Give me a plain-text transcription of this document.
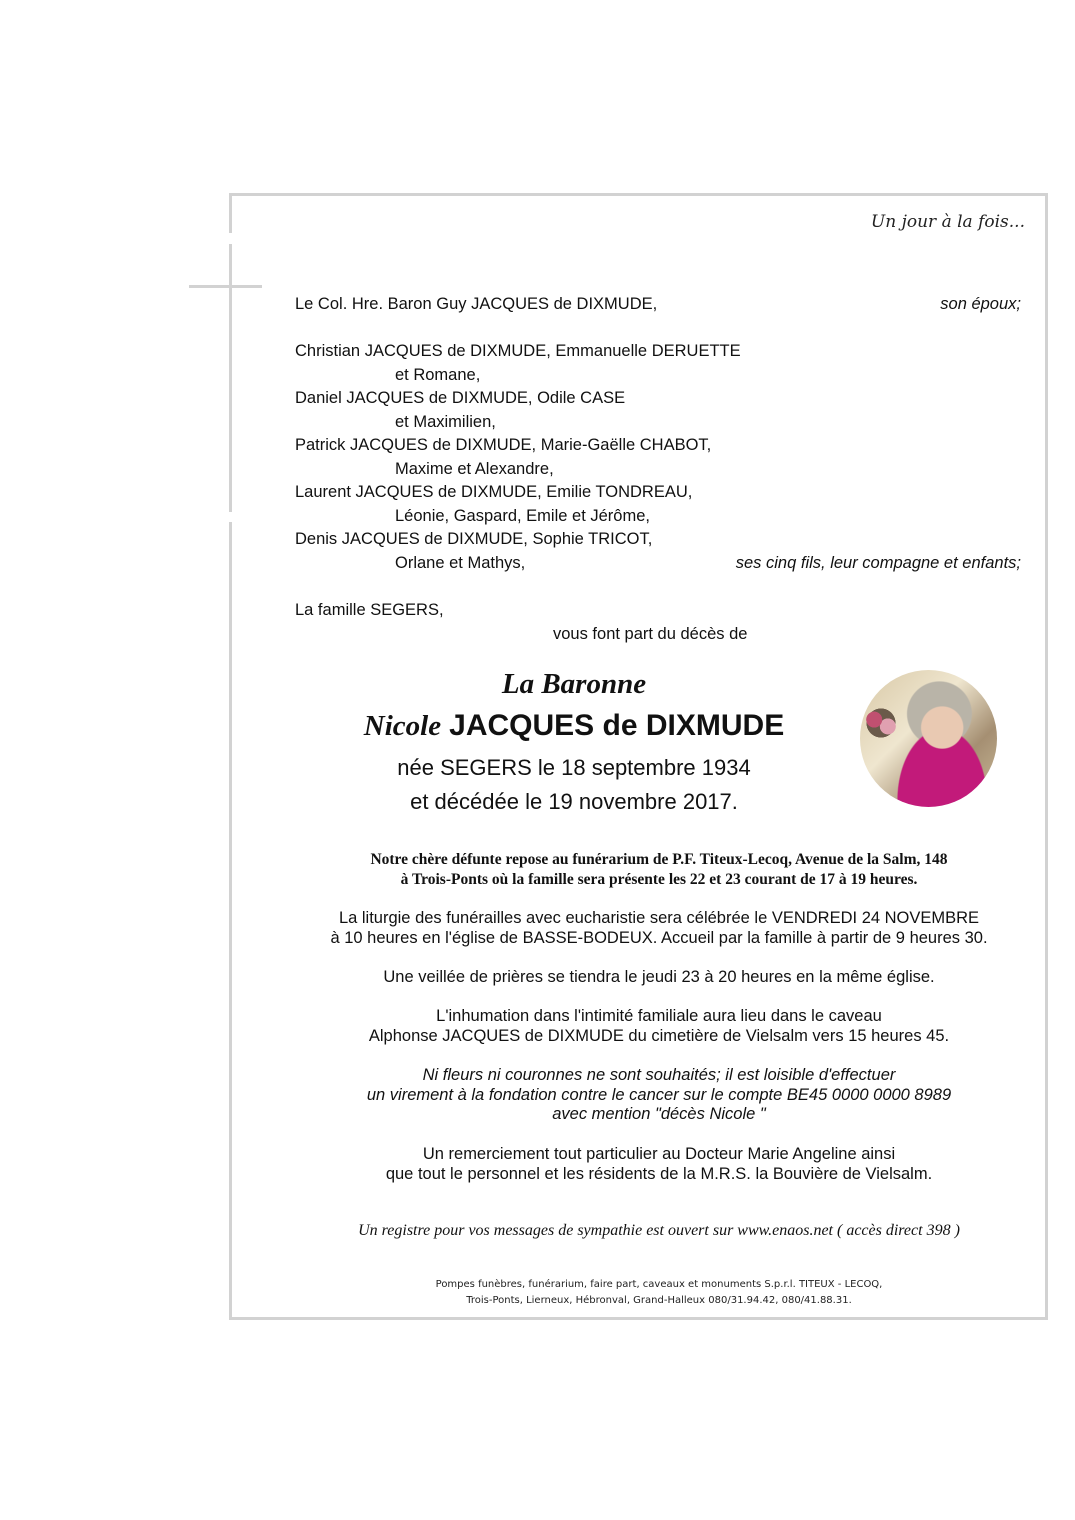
Un jour à la fois...
Le Col. Hre. Baron Guy JACQUES de DIXMUDE,	son époux;
Christian JACQUES de DIXMUDE, Emmanuelle DERUETTE
et Romane,
Daniel JACQUES de DIXMUDE, Odile CASE
et Maximilien,
Patrick JACQUES de DIXMUDE, Marie-Gaëlle CHABOT,
Maxime et Alexandre,
Laurent JACQUES de DIXMUDE, Emilie TONDREAU,
Léonie, Gaspard, Emile et Jérôme,
Denis JACQUES de DIXMUDE, Sophie TRICOT,
Orlane et Mathys,	ses cinq fils, leur compagne et enfants;
La famille SEGERS,
vous font part du décès de
La Baronne
Nicole JACQUES de DIXMUDE
née SEGERS le 18 septembre 1934
et décédée le 19 novembre 2017.
Notre chère défunte repose au funérarium de P.F. Titeux-Lecoq, Avenue de la Salm, 148
à Trois-Ponts où la famille sera présente les 22 et 23 courant de 17 à 19 heures.
La liturgie des funérailles avec eucharistie sera célébrée le VENDREDI 24 NOVEMBRE
à 10 heures en l'église de BASSE-BODEUX. Accueil par la famille à partir de 9 heures 30.
Une veillée de prières se tiendra le jeudi 23 à 20 heures en la même église.
L'inhumation dans l'intimité familiale aura lieu dans le caveau
Alphonse JACQUES de DIXMUDE du cimetière de Vielsalm vers 15 heures 45.
Ni fleurs ni couronnes ne sont souhaités; il est loisible d'effectuer
un virement à la fondation contre le cancer sur le compte BE45 0000 0000 8989
avec mention "décès Nicole "
Un remerciement tout particulier au Docteur Marie Angeline ainsi
que tout le personnel et les résidents de la M.R.S. la Bouvière de Vielsalm.
Un registre pour vos messages de sympathie est ouvert sur www.enaos.net ( accès direct 398 )
Pompes funèbres, funérarium, faire part, caveaux et monuments S.p.r.l. TITEUX - LECOQ,
Trois-Ponts, Lierneux, Hébronval, Grand-Halleux 080/31.94.42, 080/41.88.31.
